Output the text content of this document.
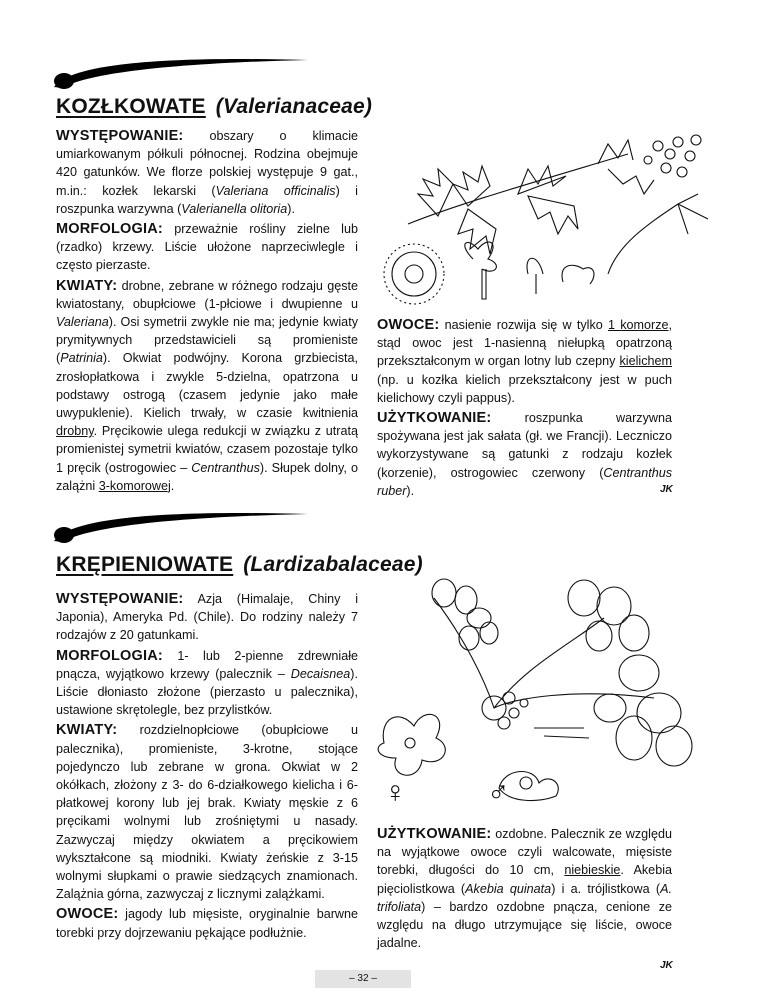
KOZŁKOWATE (Valerianaceae)

WYSTĘPOWANIE: obszary o klimacie umiarkowanym półkuli północnej. Rodzina obejmuje 420 gatunków. We florze polskiej występuje 9 gat., m.in.: kozłek lekarski (Valeriana officinalis) i roszpunka warzywna (Valerianella olitoria).

MORFOLOGIA: przeważnie rośliny zielne lub (rzadko) krzewy. Liście ułożone naprzeciwlegle i często pierzaste.

KWIATY: drobne, zebrane w różnego rodzaju gęste kwiatostany, obupłciowe (1-płciowe i dwupienne u Valeriana). Osi symetrii zwykle nie ma; jedynie kwiaty prymitywnych przedstawicieli są promieniste (Patrinia). Okwiat podwójny. Korona grzbiecista, zrosłopłatkowa i zwykle 5-dzielna, opatrzona u podstawy ostrogą (czasem jedynie jako małe uwypuklenie). Kielich trwały, w czasie kwitnienia drobny. Pręcikowie ulega redukcji w związku z utratą promienistej symetrii kwiatów, czasem pozostaje tylko 1 pręcik (ostrogowiec – Centranthus). Słupek dolny, o zalążni 3-komorowej.

OWOCE: nasienie rozwija się w tylko 1 komorze, stąd owoc jest 1-nasienną niełupką opatrzoną przekształconym w organ lotny lub czepny kielichem (np. u kozłka kielich przekształcony jest w puch kielichowy czyli pappus).

UŻYTKOWANIE: roszpunka warzywna spożywana jest jak sałata (gł. we Francji). Leczniczo wykorzystywane są gatunki z rodzaju kozłek (korzenie), ostrogowiec czerwony (Centranthus ruber).	JK
KRĘPIENIOWATE (Lardizabalaceae)

WYSTĘPOWANIE: Azja (Himalaje, Chiny i Japonia), Ameryka Pd. (Chile). Do rodziny należy 7 rodzajów z 20 gatunkami.

MORFOLOGIA: 1- lub 2-pienne zdrewniałe pnącza, wyjątkowo krzewy (palecznik – Decaisnea). Liście dłoniasto złożone (pierzasto u palecznika), ustawione skrętolegle, bez przylistków.

KWIATY: rozdzielnopłciowe (obupłciowe u palecznika), promieniste, 3-krotne, stojące pojedynczo lub zebrane w grona. Okwiat w 2 okółkach, złożony z 3- do 6-działkowego kielicha i 6-płatkowej korony lub jej brak. Kwiaty męskie z 6 pręcikami wolnymi lub zrośniętymi u nasady. Zazwyczaj między okwiatem a pręcikowiem wykształcone są miodniki. Kwiaty żeńskie z 3-15 wolnymi słupkami o prawie siedzących znamionach. Zalążnia górna, zazwyczaj z licznymi zalążkami.

OWOCE: jagody lub mięsiste, oryginalnie barwne torebki przy dojrzewaniu pękające podłużnie.

♀	♂

UŻYTKOWANIE: ozdobne. Palecznik ze względu na wyjątkowe owoce czyli walcowate, mięsiste torebki, długości do 10 cm, niebieskie. Akebia pięciolistkowa (Akebia quinata) i a. trójlistkowa (A. trifoliata) – bardzo ozdobne pnącza, cenione ze względu na długo utrzymujące się liście, owoce jadalne.

JK
– 32 –
